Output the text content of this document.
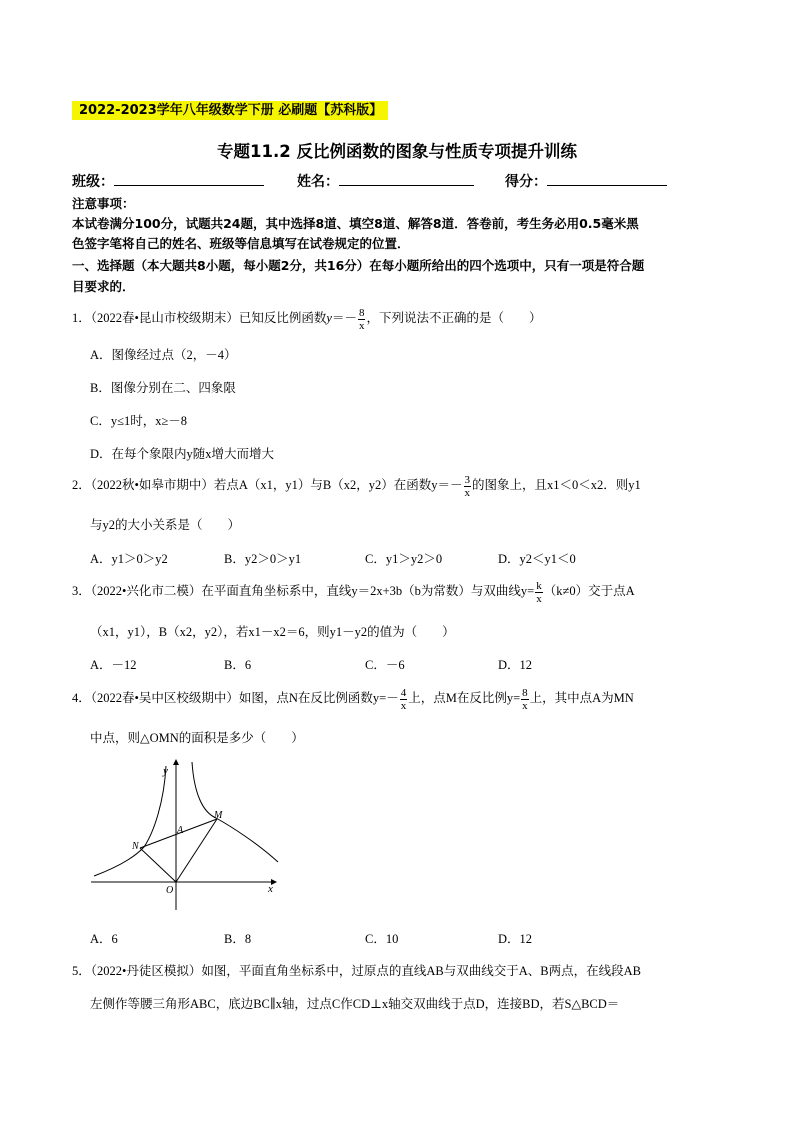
2022-2023学年八年级数学下册 必刷题【苏科版】
专题11.2 反比例函数的图象与性质专项提升训练
班级：	姓名：	得分：
注意事项：
本试卷满分100分，试题共24题，其中选择8道、填空8道、解答8道．答卷前，考生务必用0.5毫米黑
色签字笔将自己的姓名、班级等信息填写在试卷规定的位置．
一、选择题（本大题共8小题，每小题2分，共16分）在每小题所给出的四个选项中，只有一项是符合题
目要求的．
1．（2022春•昆山市校级期末）已知反比例函数$y=- \frac{8}{x}$ ，下列说法不正确的是（　　）
A．图像经过点（2，－4）
B．图像分别在二、四象限
C．y≤1时，x≥－8
D．在每个象限内y随x增大而增大
2．（2022秋•如皋市期中）若点A（x1，y1）与B（x2，y2）在函数$y=- \frac{3}{x}$ 的图象上，且x1＜0＜x2．则y1
与y2的大小关系是（　　）
A．y1＞0＞y2	B．y2＞0＞y1	C．y1＞y2＞0	D．y2＜y1＜0
3．（2022•兴化市二模）在平面直角坐标系中，直线y＝2x+3b（b为常数）与双曲线$y= \frac{k}{x} (k\ne 0)$交于点A
（x1，y1），B（x2，y2），若x1－x2＝6，则y1－y2的值为（　　）
A．－12	B．6	C．－6	D．12
4．（2022春•吴中区校级期中）如图，点N在反比例函数$y=- \frac{4}{x}$ 上，点M在反比例$y= \frac{8}{x}$ 上，其中点A为MN
中点，则△OMN的面积是多少（　　）
y
x
M
N
A
O
A．6	B．8	C．10	D．12
5．（2022•丹徒区模拟）如图，平面直角坐标系中，过原点的直线AB与双曲线交于A、B两点，在线段AB
左侧作等腰三角形ABC，底边BC∥x轴，过点C作CD⊥x轴交双曲线于点D，连接BD，若S△BCD＝
